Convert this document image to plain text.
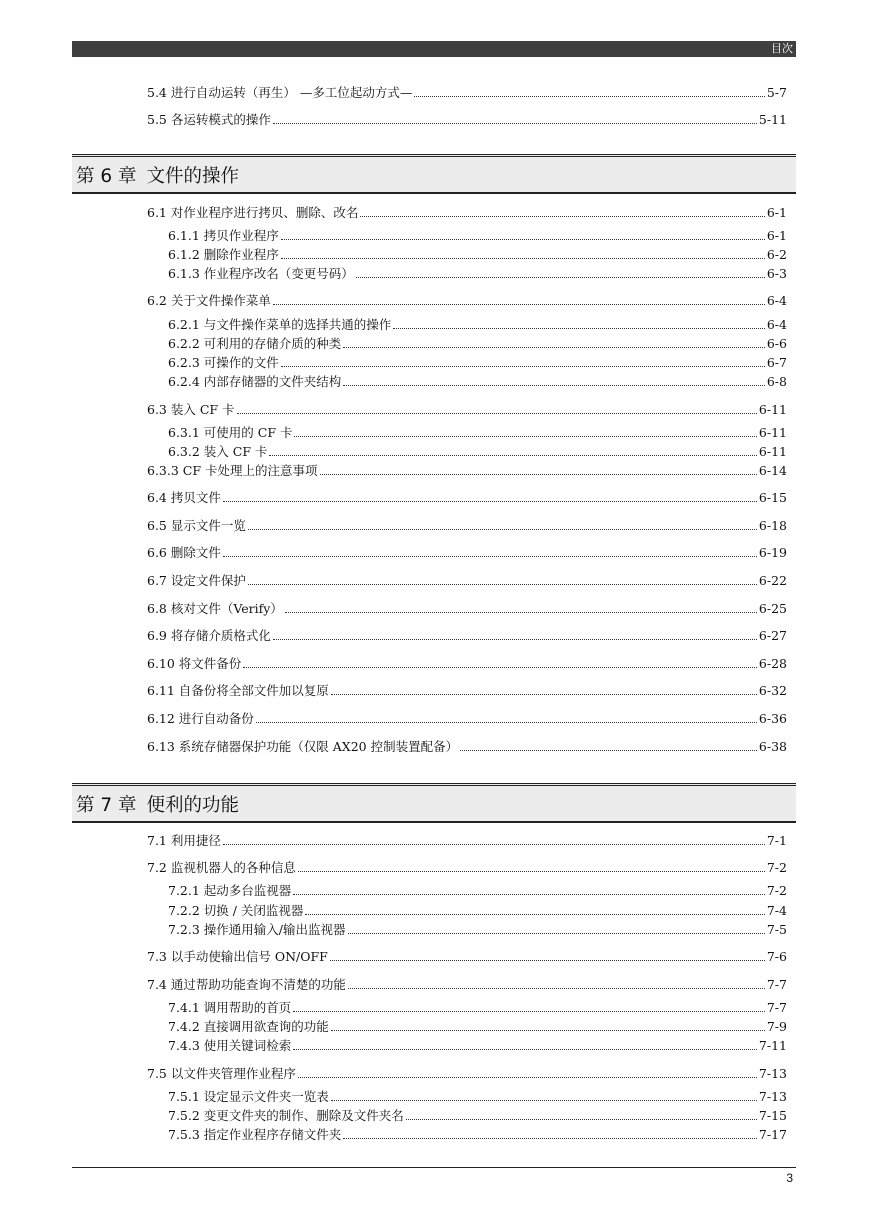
目次
第 6 章 文件的操作
第 7 章 便利的功能
5.4 进行自动运转（再生） —多工位起动方式—	5-7
5.5 各运转模式的操作	5-11
6.1 对作业程序进行拷贝、删除、改名	6-1
6.1.1 拷贝作业程序	6-1
6.1.2 删除作业程序	6-2
6.1.3 作业程序改名（变更号码）	6-3
6.2 关于文件操作菜单	6-4
6.2.1 与文件操作菜单的选择共通的操作	6-4
6.2.2 可利用的存储介质的种类	6-6
6.2.3 可操作的文件	6-7
6.2.4 内部存储器的文件夹结构	6-8
6.3 装入 CF 卡	6-11
6.3.1 可使用的 CF 卡	6-11
6.3.2 装入 CF 卡	6-11
6.3.3 CF 卡处理上的注意事项	6-14
6.4 拷贝文件	6-15
6.5 显示文件一览	6-18
6.6 删除文件	6-19
6.7 设定文件保护	6-22
6.8 核对文件（Verify）	6-25
6.9 将存储介质格式化	6-27
6.10 将文件备份	6-28
6.11 自备份将全部文件加以复原	6-32
6.12 进行自动备份	6-36
6.13 系统存储器保护功能（仅限 AX20 控制装置配备）	6-38
7.1 利用捷径	7-1
7.2 监视机器人的各种信息	7-2
7.2.1 起动多台监视器	7-2
7.2.2 切换 / 关闭监视器	7-4
7.2.3 操作通用输入/输出监视器	7-5
7.3 以手动使输出信号 ON/OFF	7-6
7.4 通过帮助功能查询不清楚的功能	7-7
7.4.1 调用帮助的首页	7-7
7.4.2 直接调用欲查询的功能	7-9
7.4.3 使用关键词检索	7-11
7.5 以文件夹管理作业程序	7-13
7.5.1 设定显示文件夹一览表	7-13
7.5.2 变更文件夹的制作、删除及文件夹名	7-15
7.5.3 指定作业程序存储文件夹	7-17
3
